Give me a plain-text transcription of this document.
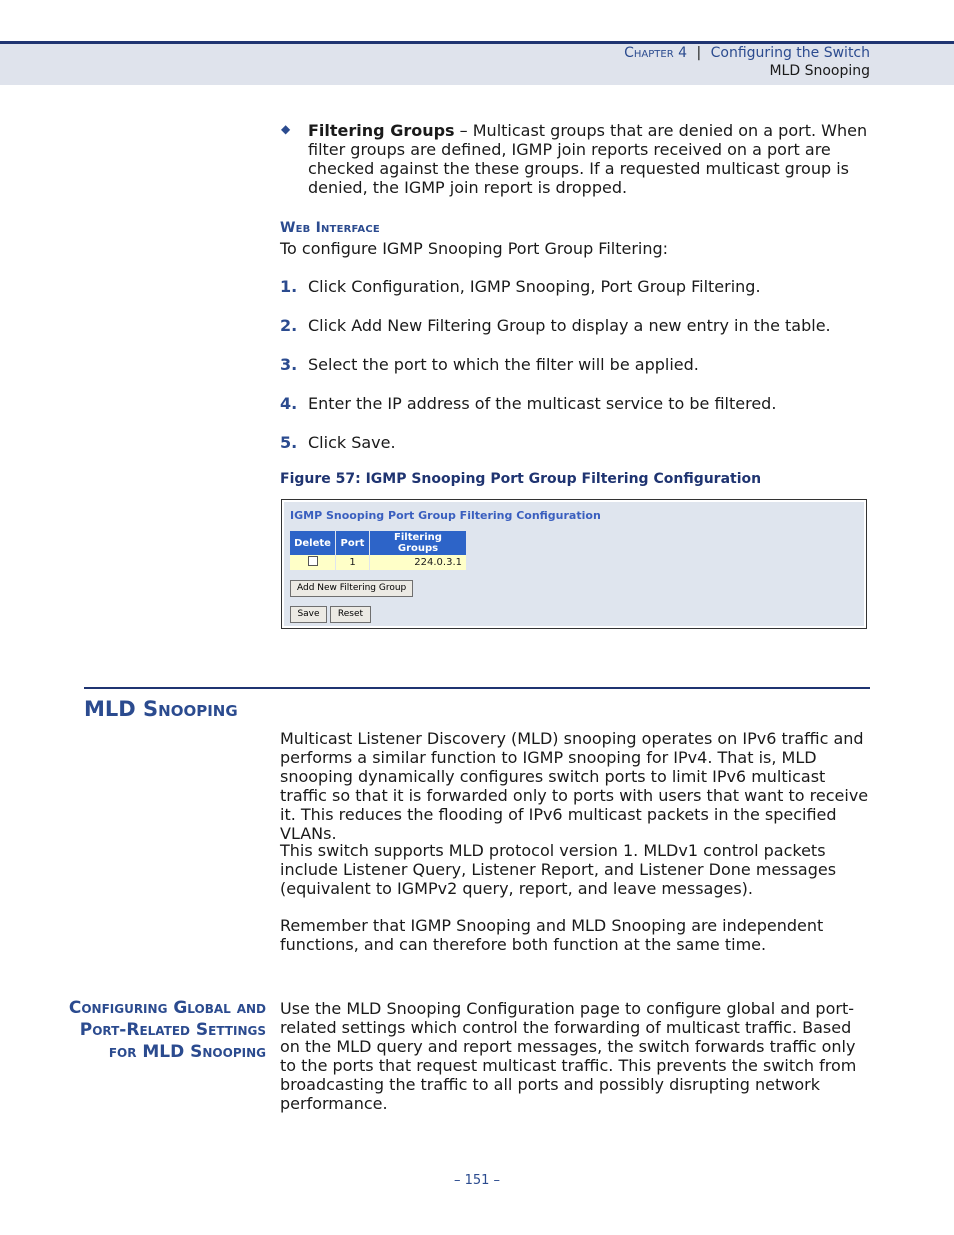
Chapter 4 | Configuring the Switch
MLD Snooping
◆ Filtering Groups – Multicast groups that are denied on a port. When filter groups are defined, IGMP join reports received on a port are checked against the these groups. If a requested multicast group is denied, the IGMP join report is dropped.
Web Interface
To configure IGMP Snooping Port Group Filtering:
1. Click Configuration, IGMP Snooping, Port Group Filtering.
2. Click Add New Filtering Group to display a new entry in the table.
3. Select the port to which the filter will be applied.
4. Enter the IP address of the multicast service to be filtered.
5. Click Save.
Figure 57: IGMP Snooping Port Group Filtering Configuration
IGMP Snooping Port Group Filtering Configuration
Delete	Port	Filtering Groups
	1	224.0.3.1
Add New Filtering Group
Save	Reset
MLD Snooping
Multicast Listener Discovery (MLD) snooping operates on IPv6 traffic and performs a similar function to IGMP snooping for IPv4. That is, MLD snooping dynamically configures switch ports to limit IPv6 multicast traffic so that it is forwarded only to ports with users that want to receive it. This reduces the flooding of IPv6 multicast packets in the specified VLANs.
This switch supports MLD protocol version 1. MLDv1 control packets include Listener Query, Listener Report, and Listener Done messages (equivalent to IGMPv2 query, report, and leave messages).
Remember that IGMP Snooping and MLD Snooping are independent functions, and can therefore both function at the same time.
Configuring Global and Port-Related Settings for MLD Snooping
Use the MLD Snooping Configuration page to configure global and port-related settings which control the forwarding of multicast traffic. Based on the MLD query and report messages, the switch forwards traffic only to the ports that request multicast traffic. This prevents the switch from broadcasting the traffic to all ports and possibly disrupting network performance.
– 151 –
